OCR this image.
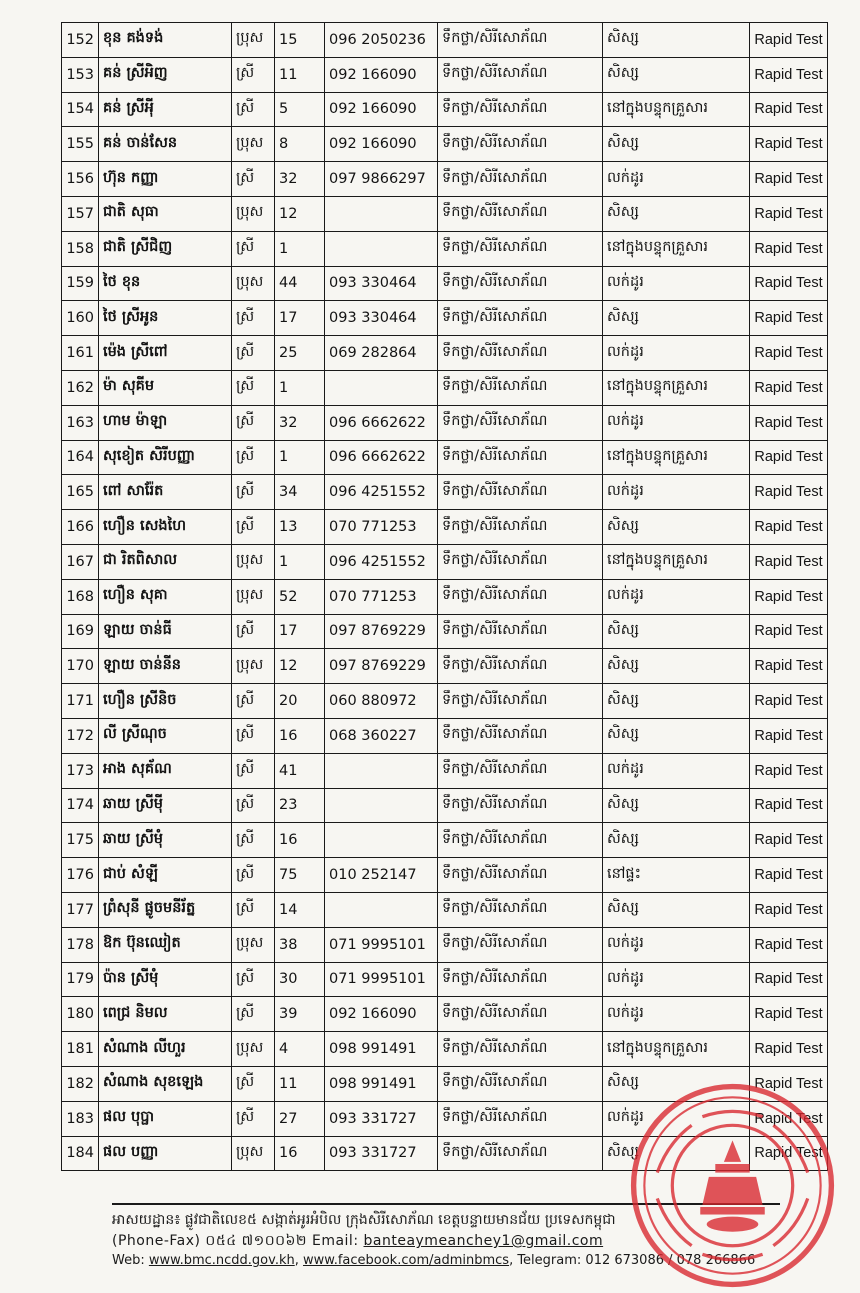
152	ខុន គង់ទង់	ប្រុស	15	096 2050236	ទឹកថ្លា/សិរីសោភ័ណ	សិស្ស	Rapid Test
153	គន់ ស្រីអិញ	ស្រី	11	092 166090	ទឹកថ្លា/សិរីសោភ័ណ	សិស្ស	Rapid Test
154	គន់ ស្រីអុី	ស្រី	5	092 166090	ទឹកថ្លា/សិរីសោភ័ណ	នៅក្នុងបន្ទុកគ្រួសារ	Rapid Test
155	គន់ ចាន់សែន	ប្រុស	8	092 166090	ទឹកថ្លា/សិរីសោភ័ណ	សិស្ស	Rapid Test
156	ហ៊ុន កញ្ញា	ស្រី	32	097 9866297	ទឹកថ្លា/សិរីសោភ័ណ	លក់ដូរ	Rapid Test
157	ជាតិ សុធា	ប្រុស	12		ទឹកថ្លា/សិរីសោភ័ណ	សិស្ស	Rapid Test
158	ជាតិ ស្រីជិញ	ស្រី	1		ទឹកថ្លា/សិរីសោភ័ណ	នៅក្នុងបន្ទុកគ្រួសារ	Rapid Test
159	ថៃ ខុន	ប្រុស	44	093 330464	ទឹកថ្លា/សិរីសោភ័ណ	លក់ដូរ	Rapid Test
160	ថៃ ស្រីអូន	ស្រី	17	093 330464	ទឹកថ្លា/សិរីសោភ័ណ	សិស្ស	Rapid Test
161	ម៉េង ស្រីពៅ	ស្រី	25	069 282864	ទឹកថ្លា/សិរីសោភ័ណ	លក់ដូរ	Rapid Test
162	ម៉ា សុគីម	ស្រី	1		ទឹកថ្លា/សិរីសោភ័ណ	នៅក្នុងបន្ទុកគ្រួសារ	Rapid Test
163	ហាម ម៉ាឡា	ស្រី	32	096 6662622	ទឹកថ្លា/សិរីសោភ័ណ	លក់ដូរ	Rapid Test
164	សុខៀត សិរីបញ្ញា	ស្រី	1	096 6662622	ទឹកថ្លា/សិរីសោភ័ណ	នៅក្នុងបន្ទុកគ្រួសារ	Rapid Test
165	ពៅ សារ៉ែត	ស្រី	34	096 4251552	ទឹកថ្លា/សិរីសោភ័ណ	លក់ដូរ	Rapid Test
166	ហឿន សេងហៃ	ស្រី	13	070 771253	ទឹកថ្លា/សិរីសោភ័ណ	សិស្ស	Rapid Test
167	ជា រិតពិសាល	ប្រុស	1	096 4251552	ទឹកថ្លា/សិរីសោភ័ណ	នៅក្នុងបន្ទុកគ្រួសារ	Rapid Test
168	ហឿន សុគា	ប្រុស	52	070 771253	ទឹកថ្លា/សិរីសោភ័ណ	លក់ដូរ	Rapid Test
169	ឡាយ ចាន់ធី	ស្រី	17	097 8769229	ទឹកថ្លា/សិរីសោភ័ណ	សិស្ស	Rapid Test
170	ឡាយ ចាន់នីន	ប្រុស	12	097 8769229	ទឹកថ្លា/សិរីសោភ័ណ	សិស្ស	Rapid Test
171	ហឿន ស្រីនិច	ស្រី	20	060 880972	ទឹកថ្លា/សិរីសោភ័ណ	សិស្ស	Rapid Test
172	លី ស្រីណុច	ស្រី	16	068 360227	ទឹកថ្លា/សិរីសោភ័ណ	សិស្ស	Rapid Test
173	អាង សុគ័ណ	ស្រី	41		ទឹកថ្លា/សិរីសោភ័ណ	លក់ដូរ	Rapid Test
174	ឆាយ ស្រីមុី	ស្រី	23		ទឹកថ្លា/សិរីសោភ័ណ	សិស្ស	Rapid Test
175	ឆាយ ស្រីមុំ	ស្រី	16		ទឹកថ្លា/សិរីសោភ័ណ	សិស្ស	Rapid Test
176	ជាប់ សំឡី	ស្រី	75	010 252147	ទឹកថ្លា/សិរីសោភ័ណ	នៅផ្ទះ	Rapid Test
177	ព្រំសុនី ផ្លូចមនីរ័ត្ន	ស្រី	14		ទឹកថ្លា/សិរីសោភ័ណ	សិស្ស	Rapid Test
178	ឱក ប៊ុនឈៀត	ប្រុស	38	071 9995101	ទឹកថ្លា/សិរីសោភ័ណ	លក់ដូរ	Rapid Test
179	ប៉ាន ស្រីមុំ	ស្រី	30	071 9995101	ទឹកថ្លា/សិរីសោភ័ណ	លក់ដូរ	Rapid Test
180	ពេជ្រ និមល	ស្រី	39	092 166090	ទឹកថ្លា/សិរីសោភ័ណ	លក់ដូរ	Rapid Test
181	សំណាង លីហួរ	ប្រុស	4	098 991491	ទឹកថ្លា/សិរីសោភ័ណ	នៅក្នុងបន្ទុកគ្រួសារ	Rapid Test
182	សំណាង សុខឡេង	ស្រី	11	098 991491	ទឹកថ្លា/សិរីសោភ័ណ	សិស្ស	Rapid Test
183	ផល បុប្ផា	ស្រី	27	093 331727	ទឹកថ្លា/សិរីសោភ័ណ	លក់ដូរ	Rapid Test
184	ផល បញ្ញា	ប្រុស	16	093 331727	ទឹកថ្លា/សិរីសោភ័ណ	សិស្ស	Rapid Test
អាសយដ្ឋាន៖ ផ្លូវជាតិលេខ៥ សង្កាត់អូរអំបិល ក្រុងសិរីសោភ័ណ ខេត្តបន្ទាយមានជ័យ ប្រទេសកម្ពុជា
(Phone-Fax) ០៥៤ ៧១០០៦២ Email: banteaymeanchey1@gmail.com
Web: www.bmc.ncdd.gov.kh, www.facebook.com/adminbmcs, Telegram: 012 673086 / 078 266866
